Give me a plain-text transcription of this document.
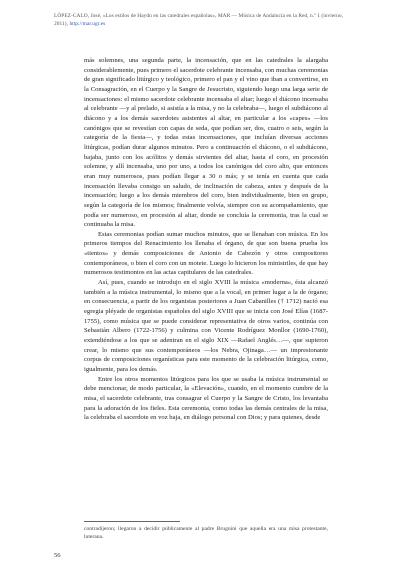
LÓPEZ-CALO, José, «Los estilos de Haydn en las catedrales españolas», MAR — Música de Andalucía en la Red, n.º 1 (invierno, 2011), http://mar.ugr.es

más solemnes, una segunda parte, la incensación, que en las catedrales la alargaba considerablemente, pues primero el sacerdote celebrante incensaba, con muchas ceremonias de gran significado litúrgico y teológico, primero el pan y el vino que iban a convertirse, en la Consagración, en el Cuerpo y la Sangre de Jesucristo, siguiendo luego una larga serie de incensaciones: el mismo sacerdote celebrante incensaba el altar; luego el diácono incensaba al celebrante —y al prelado, si asistía a la misa, y no la celebraba—, luego el subdiácono al diácono y a los demás sacerdotes asistentes al altar, en particular a los «capes» —los canónigos que se revestían con capas de seda, que podían ser, dos, cuatro o seis, según la categoría de la fiesta—, y todas estas incensaciones, que incluían diversas acciones litúrgicas, podían durar algunos minutos. Pero a continuación el diácono, o el subdiácono, bajaba, junto con los acólitos y demás sirvientes del altar, hasta el coro, en procesión solemne, y allí incensaba, uno por uno, a todos los canónigos del coro alto, que entonces eran muy numerosos, pues podían llegar a 30 o más; y se tenía en cuenta que cada incensación llevaba consigo un saludo, de inclinación de cabeza, antes y después de la incensación; luego a los demás miembros del coro, bien individualmente, bien en grupo, según la categoría de los mismos; finalmente volvía, siempre con su acompañamiento, que podía ser numeroso, en procesión al altar, donde se concluía la ceremonia, tras la cual se continuaba la misa.

Estas ceremonias podían sumar muchos minutos, que se llenaban con música. En los primeros tiempos del Renacimiento los llenaba el órgano, de que son buena prueba los «tientos» y demás composiciones de Antonio de Cabezón y otros compositores contemporáneos, o bien el coro con un motete. Luego lo hicieron los ministriles, de que hay numerosos testimonios en las actas capitulares de las catedrales.

Así, pues, cuando se introdujo en el siglo XVIII la música «moderna», ésta alcanzó también a la música instrumental, lo mismo que a la vocal, en primer lugar a la de órgano; en consecuencia, a partir de los organistas posteriores a Juan Cabanilles († 1712) nació esa egregia pléyade de organistas españoles del siglo XVIII que se inicia con José Elías (1687-1755), como música que se puede considerar representativa de otros varios, continúa con Sebastián Albero (1722-1756) y culmina con Vicente Rodríguez Monllor (1690-1760), extendiéndose a los que se adentran en el siglo XIX —Rafael Anglés…—, que supieron crear, lo mismo que sus contemporáneos —los Nebra, Ojinaga…— un impresionante corpus de composiciones organísticas para este momento de la celebración litúrgica, como, igualmente, para los demás.

Entre los otros momentos litúrgicos para los que se usaba la música instrumental se debe mencionar, de modo particular, la «Elevación», cuando, en el momento cumbre de la misa, el sacerdote celebrante, tras consagrar el Cuerpo y la Sangre de Cristo, los levantaba para la adoración de los fieles. Esta ceremonia, como todas las demás centrales de la misa, la celebraba el sacerdote en voz baja, en diálogo personal con Dios; y para quienes, desde

contradijeron; llegaron a decidir públicamente al padre Brugnini que aquella era una misa protestante, luterana.
56
